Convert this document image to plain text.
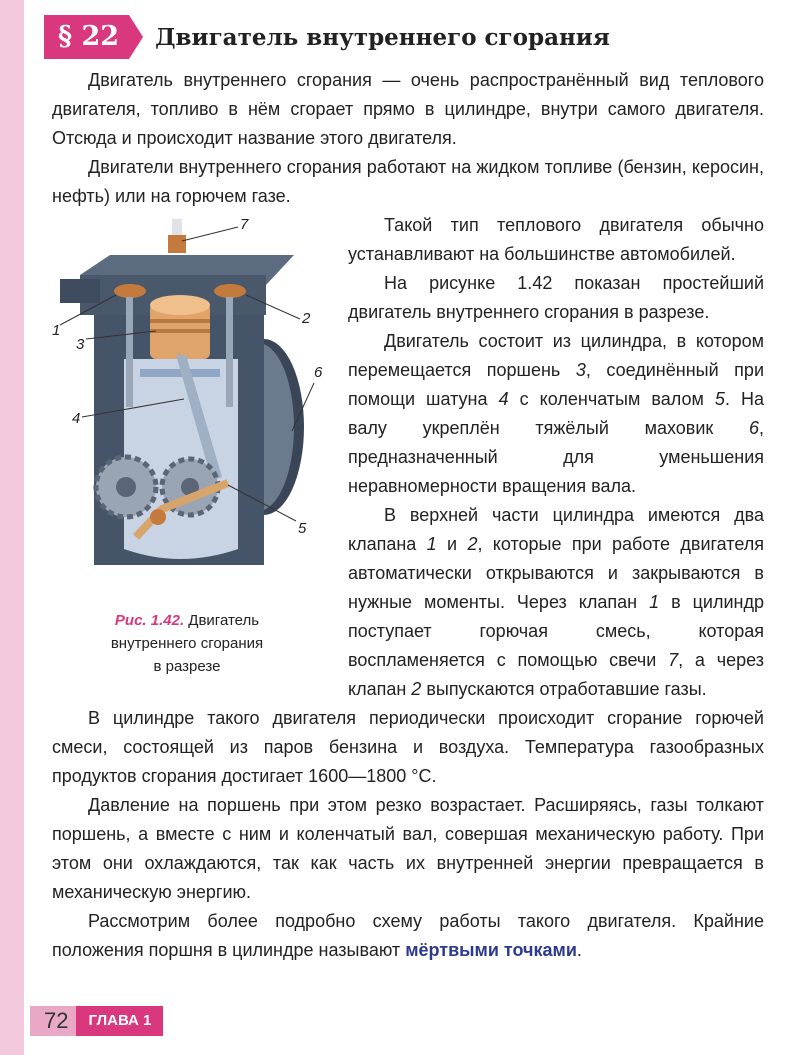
§ 22	Двигатель внутреннего сгорания

Двигатель внутреннего сгорания — очень распространённый вид теплового двигателя, топливо в нём сгорает прямо в цилиндре, внутри самого двигателя. Отсюда и происходит название этого двигателя.

Двигатели внутреннего сгорания работают на жидком топливе (бензин, керосин, нефть) или на горючем газе.

1
2
3
4
5
6
7
Рис. 1.42. Двигатель
внутреннего сгорания
в разрезе

Такой тип теплового двигателя обычно устанавливают на большинстве автомобилей.

На рисунке 1.42 показан простейший двигатель внутреннего сгорания в разрезе.

Двигатель состоит из цилиндра, в котором перемещается поршень 3, соединённый при помощи шатуна 4 с коленчатым валом 5. На валу укреплён тяжёлый маховик 6, предназначенный для уменьшения неравномерности вращения вала.

В верхней части цилиндра имеются два клапана 1 и 2, которые при работе двигателя автоматически открываются и закрываются в нужные моменты. Через клапан 1 в цилиндр поступает горючая смесь, которая воспламеняется с помощью свечи 7, а через клапан 2 выпускаются отработавшие газы.

В цилиндре такого двигателя периодически происходит сгорание горючей смеси, состоящей из паров бензина и воздуха. Температура газообразных продуктов сгорания достигает 1600—1800 °С.

Давление на поршень при этом резко возрастает. Расширяясь, газы толкают поршень, а вместе с ним и коленчатый вал, совершая механическую работу. При этом они охлаждаются, так как часть их внутренней энергии превращается в механическую энергию.

Рассмотрим более подробно схему работы такого двигателя. Крайние положения поршня в цилиндре называют мёртвыми точками.

72	ГЛАВА 1
